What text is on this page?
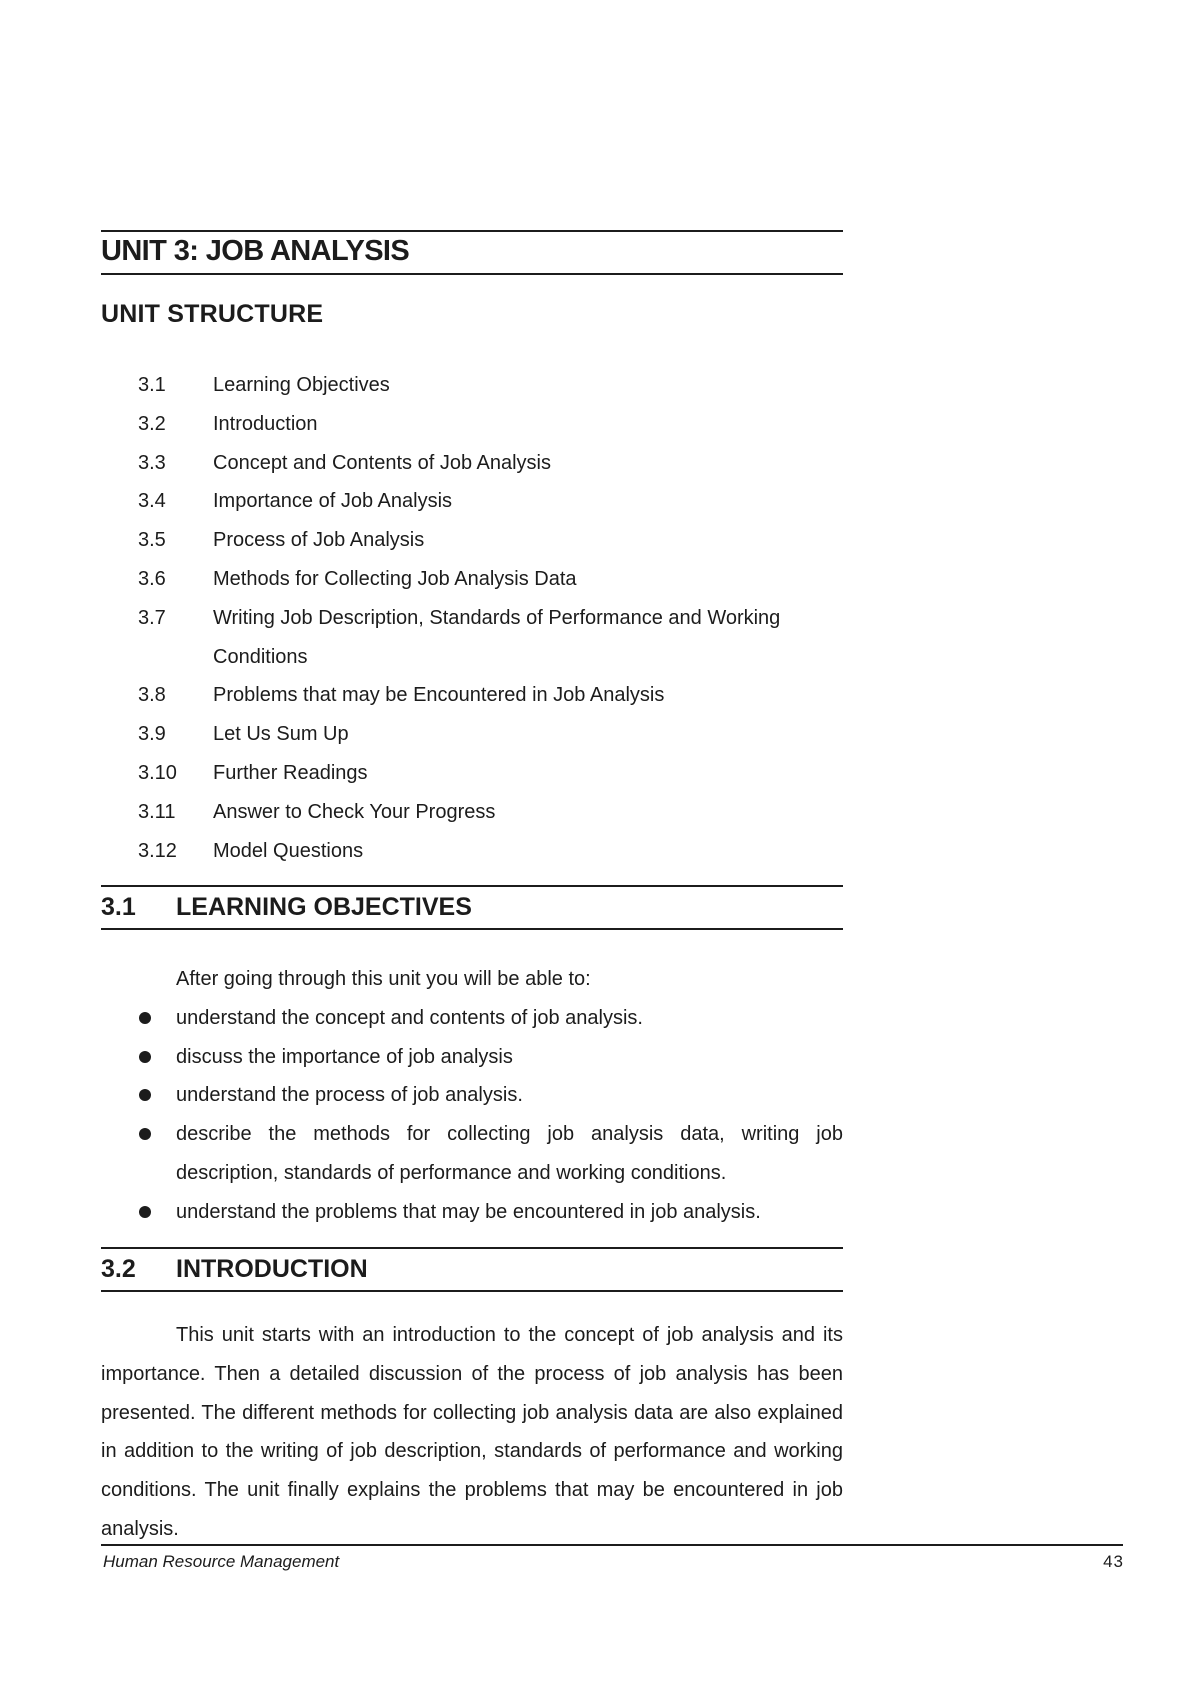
UNIT 3: JOB ANALYSIS
UNIT STRUCTURE
3.1	Learning Objectives
3.2	Introduction
3.3	Concept and Contents of Job Analysis
3.4	Importance of Job Analysis
3.5	Process of Job Analysis
3.6	Methods for Collecting Job Analysis Data
3.7	Writing Job Description, Standards of Performance and Working Conditions
3.8	Problems that may be Encountered in Job Analysis
3.9	Let Us Sum Up
3.10	Further Readings
3.11	Answer to Check Your Progress
3.12	Model Questions
3.1	LEARNING OBJECTIVES

After going through this unit you will be able to:

understand the concept and contents of job analysis.
discuss the importance of job analysis
understand the process of job analysis.
describe the methods for collecting job analysis data, writing job description, standards of performance and working conditions.
understand the problems that may be encountered in job analysis.
3.2	INTRODUCTION

This unit starts with an introduction to the concept of job analysis and its importance. Then a detailed discussion of the process of job analysis has been presented. The different methods for collecting job analysis data are also explained in addition to the writing of job description, standards of performance and working conditions. The unit finally explains the problems that may be encountered in job analysis.

Human Resource Management	43
